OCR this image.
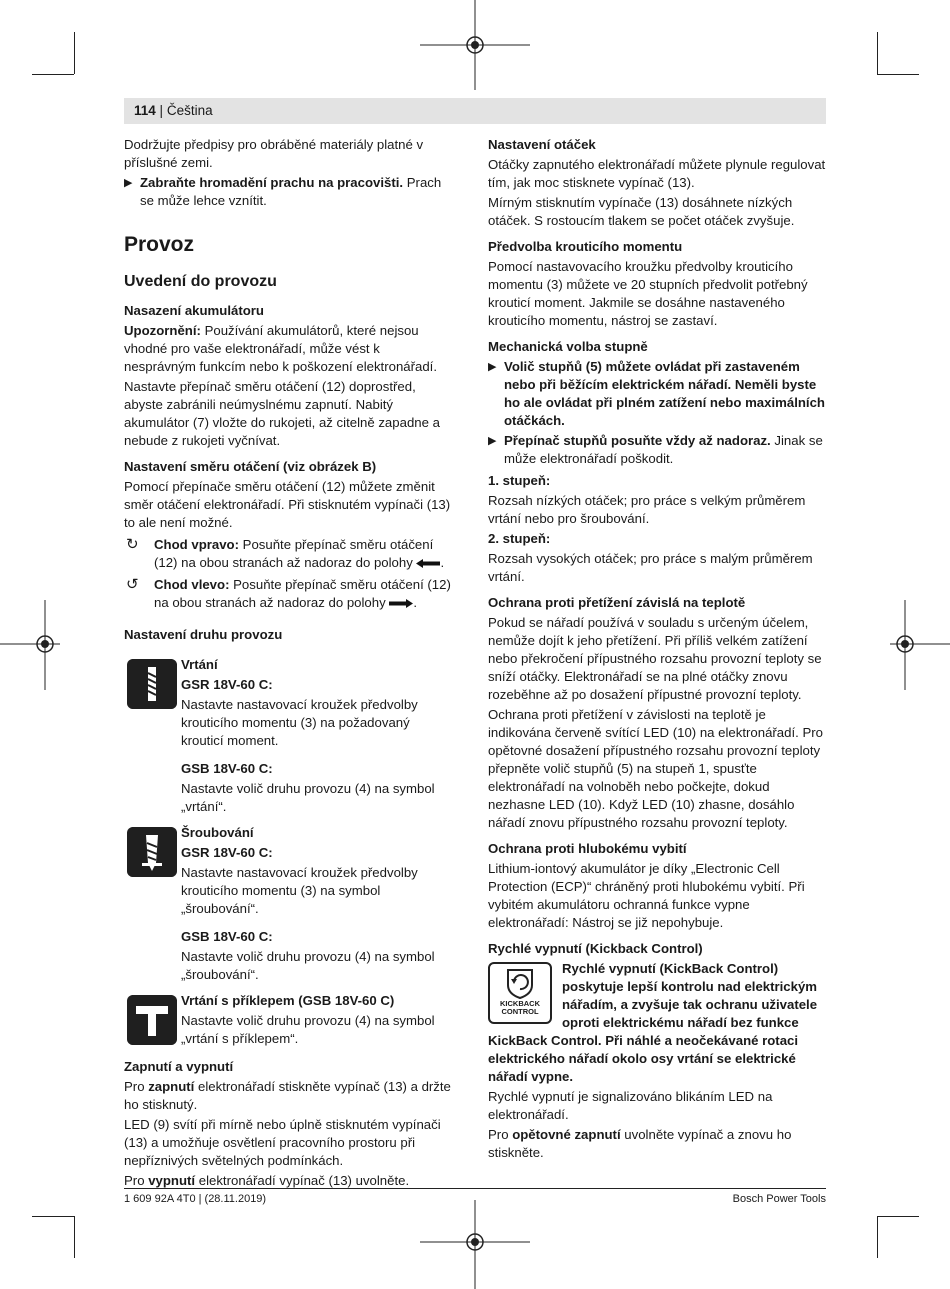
114 | Čeština

Dodržujte předpisy pro obráběné materiály platné v příslušné zemi.

▶ Zabraňte hromadění prachu na pracovišti. Prach se může lehce vznítit.

Provoz

Uvedení do provozu

Nasazení akumulátoru

Upozornění: Používání akumulátorů, které nejsou vhodné pro vaše elektronářadí, může vést k nesprávným funkcím nebo k poškození elektronářadí.

Nastavte přepínač směru otáčení (12) doprostřed, abyste zabránili neúmyslnému zapnutí. Nabitý akumulátor (7) vložte do rukojeti, až citelně zapadne a nebude z rukojeti vyčnívat.

Nastavení směru otáčení (viz obrázek B)

Pomocí přepínače směru otáčení (12) můžete změnit směr otáčení elektronářadí. Při stisknutém vypínači (13) to ale není možné.

↻ Chod vpravo: Posuňte přepínač směru otáčení (12) na obou stranách až nadoraz do polohy .

↺ Chod vlevo: Posuňte přepínač směru otáčení (12) na obou stranách až nadoraz do polohy .

Nastavení druhu provozu

Vrtání

GSR 18V-60 C:

Nastavte nastavovací kroužek předvolby krouticího momentu (3) na požadovaný krouticí moment.

GSB 18V-60 C:

Nastavte volič druhu provozu (4) na symbol „vrtání“.

Šroubování

GSR 18V-60 C:

Nastavte nastavovací kroužek předvolby krouticího momentu (3) na symbol „šroubování“.

GSB 18V-60 C:

Nastavte volič druhu provozu (4) na symbol „šroubování“.

Vrtání s příklepem (GSB 18V-60 C)

Nastavte volič druhu provozu (4) na symbol „vrtání s příklepem“.

Zapnutí a vypnutí

Pro zapnutí elektronářadí stiskněte vypínač (13) a držte ho stisknutý.

LED (9) svítí při mírně nebo úplně stisknutém vypínači (13) a umožňuje osvětlení pracovního prostoru při nepříznivých světelných podmínkách.

Pro vypnutí elektronářadí vypínač (13) uvolněte.

Nastavení otáček

Otáčky zapnutého elektronářadí můžete plynule regulovat tím, jak moc stisknete vypínač (13).

Mírným stisknutím vypínače (13) dosáhnete nízkých otáček. S rostoucím tlakem se počet otáček zvyšuje.

Předvolba krouticího momentu

Pomocí nastavovacího kroužku předvolby krouticího momentu (3) můžete ve 20 stupních předvolit potřebný krouticí moment. Jakmile se dosáhne nastaveného krouticího momentu, nástroj se zastaví.

Mechanická volba stupně

▶ Volič stupňů (5) můžete ovládat při zastaveném nebo při běžícím elektrickém nářadí. Neměli byste ho ale ovládat při plném zatížení nebo maximálních otáčkách.

▶ Přepínač stupňů posuňte vždy až nadoraz. Jinak se může elektronářadí poškodit.

1. stupeň:

Rozsah nízkých otáček; pro práce s velkým průměrem vrtání nebo pro šroubování.

2. stupeň:

Rozsah vysokých otáček; pro práce s malým průměrem vrtání.

Ochrana proti přetížení závislá na teplotě

Pokud se nářadí používá v souladu s určeným účelem, nemůže dojít k jeho přetížení. Při příliš velkém zatížení nebo překročení přípustného rozsahu provozní teploty se sníží otáčky. Elektronářadí se na plné otáčky znovu rozeběhne až po dosažení přípustné provozní teploty.

Ochrana proti přetížení v závislosti na teplotě je indikována červeně svítící LED (10) na elektronářadí. Pro opětovné dosažení přípustného rozsahu provozní teploty přepněte volič stupňů (5) na stupeň 1, spusťte elektronářadí na volnoběh nebo počkejte, dokud nezhasne LED (10). Když LED (10) zhasne, dosáhlo nářadí znovu přípustného rozsahu provozní teploty.

Ochrana proti hlubokému vybití

Lithium-iontový akumulátor je díky „Electronic Cell Protection (ECP)“ chráněný proti hlubokému vybití. Při vybitém akumulátoru ochranná funkce vypne elektronářadí: Nástroj se již nepohybuje.

Rychlé vypnutí (Kickback Control)

KICKBACK
CONTROL

Rychlé vypnutí (KickBack Control) poskytuje lepší kontrolu nad elektrickým nářadím, a zvyšuje tak ochranu uživatele oproti elektrickému nářadí bez funkce KickBack Control. Při náhlé a neočekávané rotaci elektrického nářadí okolo osy vrtání se elektrické nářadí vypne.

Rychlé vypnutí je signalizováno blikáním LED na elektronářadí.

Pro opětovné zapnutí uvolněte vypínač a znovu ho stiskněte.

1 609 92A 4T0 | (28.11.2019)	Bosch Power Tools
